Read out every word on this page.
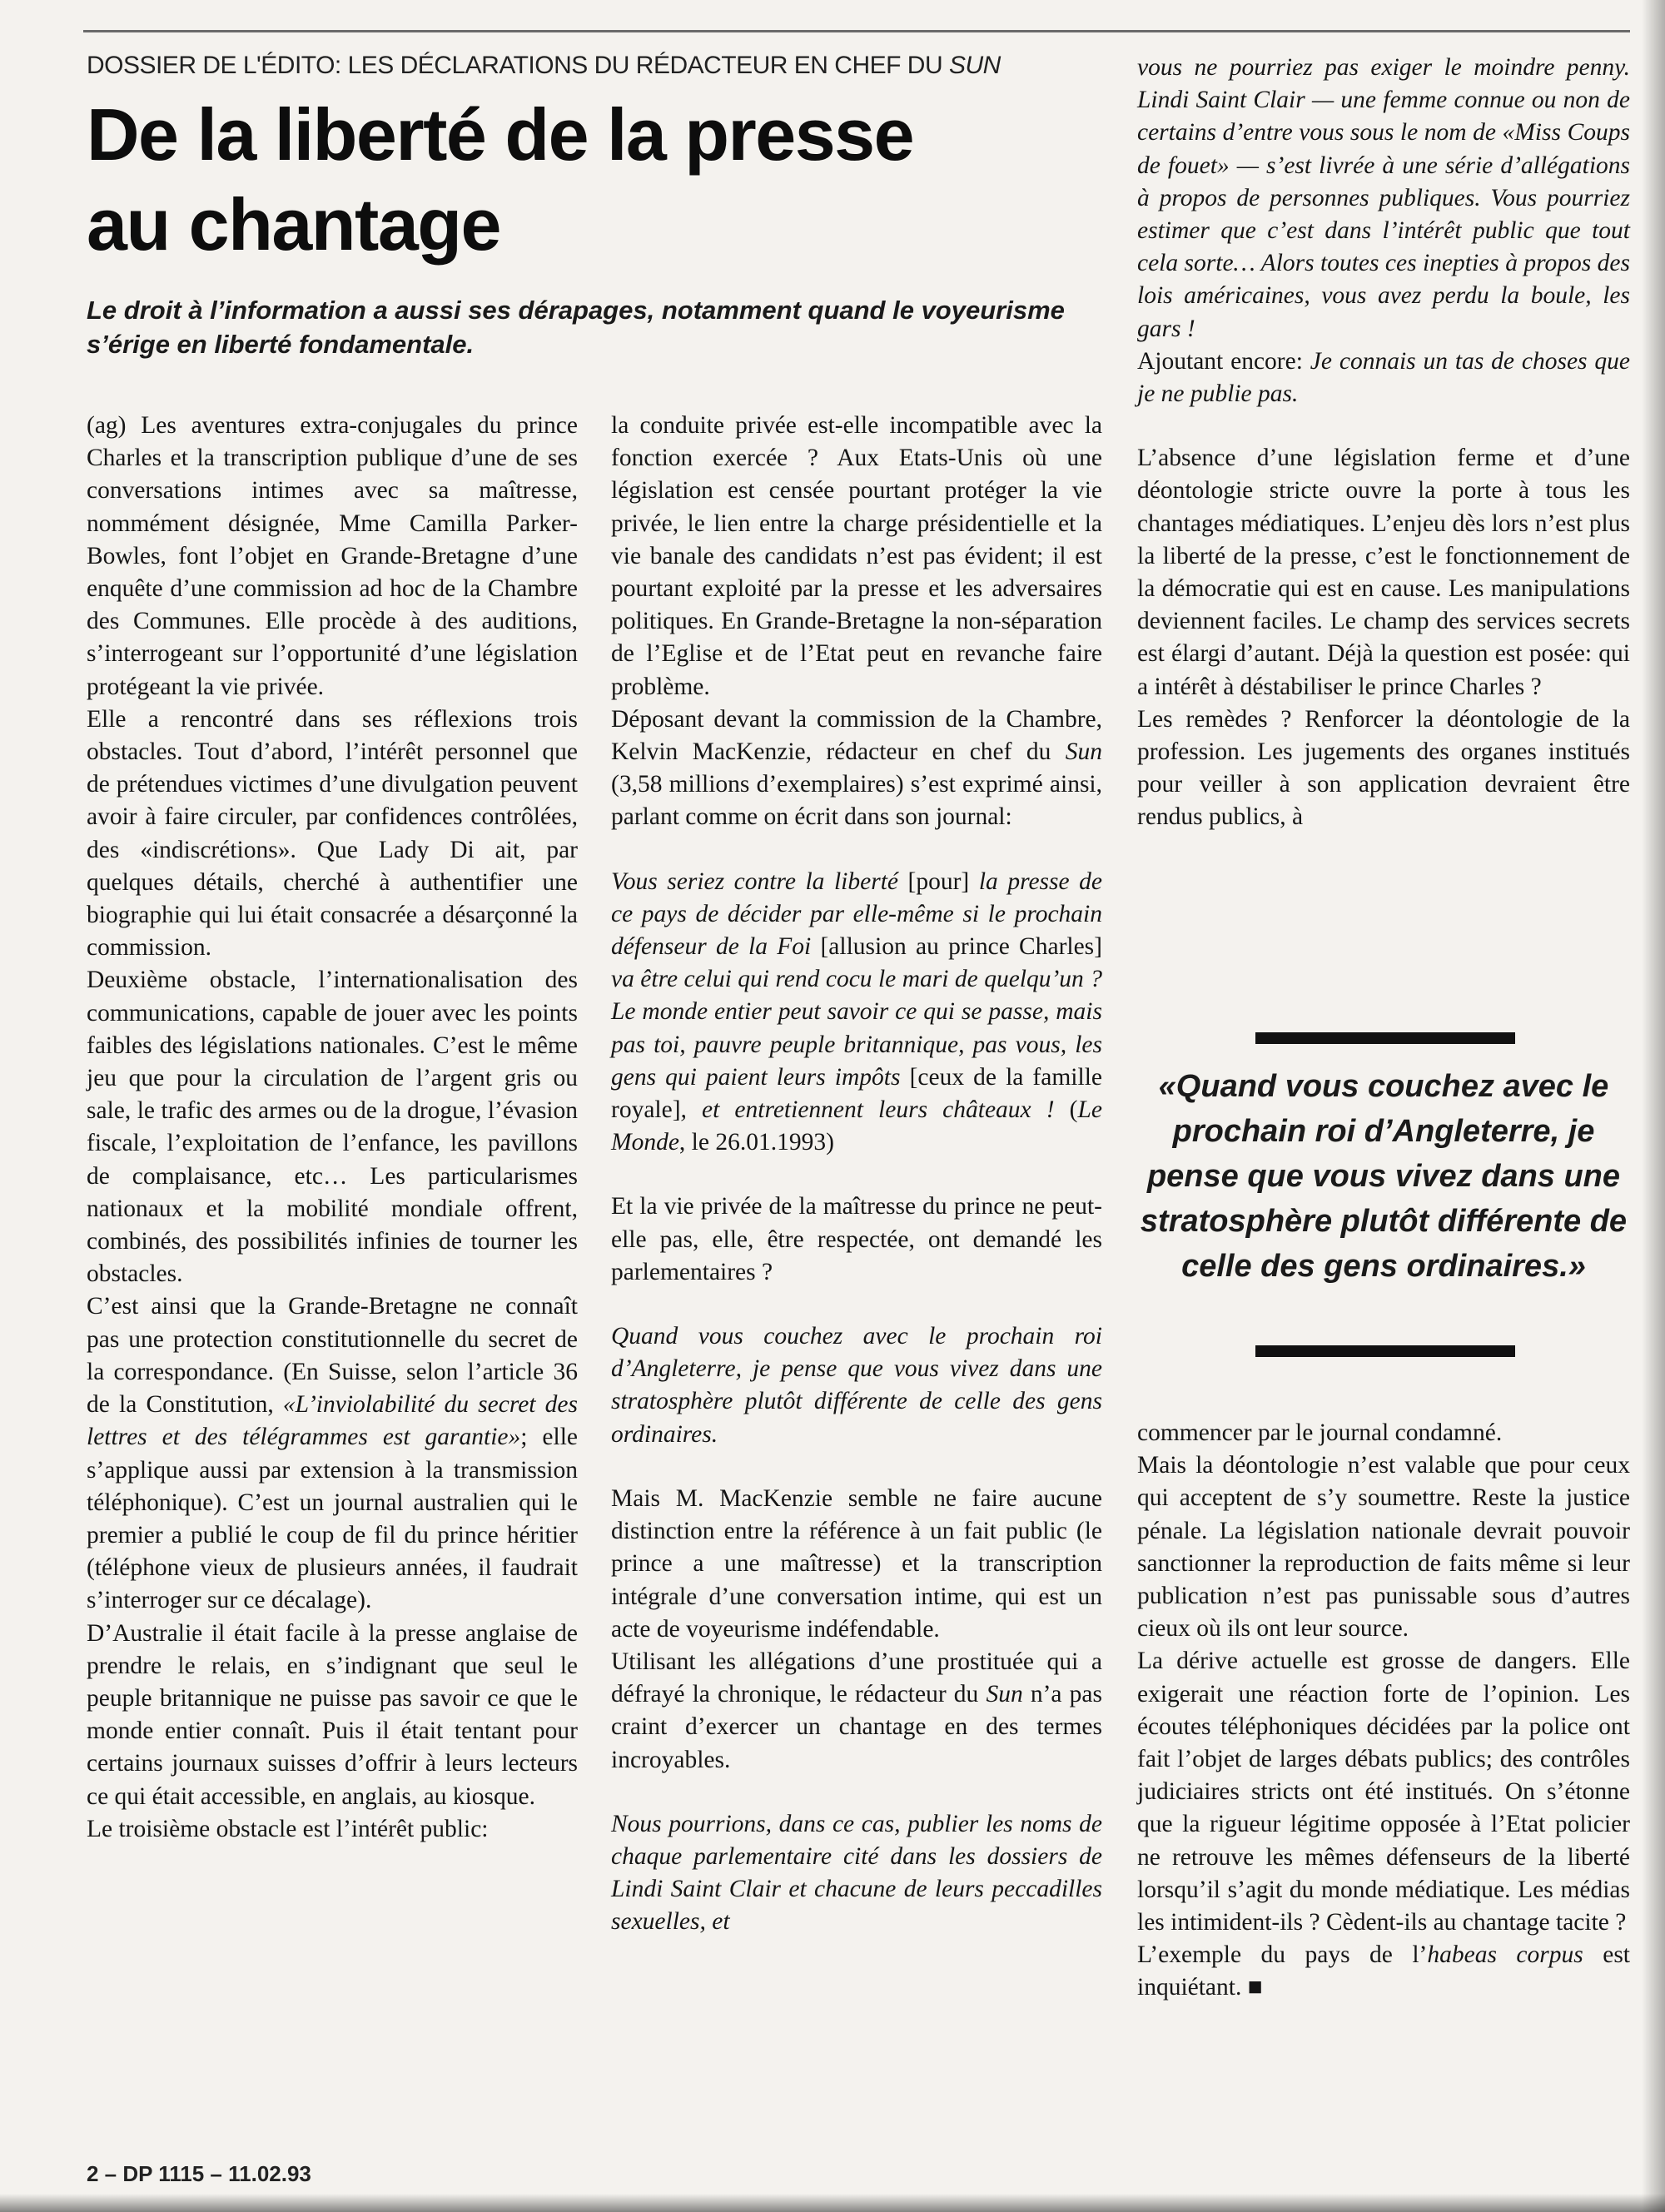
DOSSIER DE L'ÉDITO: LES DÉCLARATIONS DU RÉDACTEUR EN CHEF DU SUN
De la liberté de la presse
au chantage

Le droit à l’information a aussi ses dérapages, notamment quand le voyeurisme s’érige en liberté fondamentale.

(ag) Les aventures extra-conjugales du prince Charles et la transcription publique d’une de ses conversations intimes avec sa maîtresse, nommément désignée, Mme Camilla Parker-Bowles, font l’objet en Grande-Bretagne d’une enquête d’une commission ad hoc de la Chambre des Communes. Elle procède à des auditions, s’interrogeant sur l’opportunité d’une législation protégeant la vie privée.

Elle a rencontré dans ses réflexions trois obstacles. Tout d’abord, l’intérêt personnel que de prétendues victimes d’une divulgation peuvent avoir à faire circuler, par confidences contrôlées, des «indiscrétions». Que Lady Di ait, par quelques détails, cherché à authentifier une biographie qui lui était consacrée a désarçonné la commission.

Deuxième obstacle, l’internationalisation des communications, capable de jouer avec les points faibles des législations nationales. C’est le même jeu que pour la circulation de l’argent gris ou sale, le trafic des armes ou de la drogue, l’évasion fiscale, l’exploitation de l’enfance, les pavillons de complaisance, etc… Les particularismes nationaux et la mobilité mondiale offrent, combinés, des possibilités infinies de tourner les obstacles.

C’est ainsi que la Grande-Bretagne ne connaît pas une protection constitutionnelle du secret de la correspondance. (En Suisse, selon l’article 36 de la Constitution, «L’inviolabilité du secret des lettres et des télégrammes est garantie»; elle s’applique aussi par extension à la transmission téléphonique). C’est un journal australien qui le premier a publié le coup de fil du prince héritier (téléphone vieux de plusieurs années, il faudrait s’interroger sur ce décalage).

D’Australie il était facile à la presse anglaise de prendre le relais, en s’indignant que seul le peuple britannique ne puisse pas savoir ce que le monde entier connaît. Puis il était tentant pour certains journaux suisses d’offrir à leurs lecteurs ce qui était accessible, en anglais, au kiosque.

Le troisième obstacle est l’intérêt public:

la conduite privée est-elle incompatible avec la fonction exercée ? Aux Etats-Unis où une législation est censée pourtant protéger la vie privée, le lien entre la charge présidentielle et la vie banale des candidats n’est pas évident; il est pourtant exploité par la presse et les adversaires politiques. En Grande-Bretagne la non-séparation de l’Eglise et de l’Etat peut en revanche faire problème.

Déposant devant la commission de la Chambre, Kelvin MacKenzie, rédacteur en chef du Sun (3,58 millions d’exemplaires) s’est exprimé ainsi, parlant comme on écrit dans son journal:

Vous seriez contre la liberté [pour] la presse de ce pays de décider par elle-même si le prochain défenseur de la Foi [allusion au prince Charles] va être celui qui rend cocu le mari de quelqu’un ? Le monde entier peut savoir ce qui se passe, mais pas toi, pauvre peuple britannique, pas vous, les gens qui paient leurs impôts [ceux de la famille royale], et entretiennent leurs châteaux ! (Le Monde, le 26.01.1993)

Et la vie privée de la maîtresse du prince ne peut-elle pas, elle, être respectée, ont demandé les parlementaires ?

Quand vous couchez avec le prochain roi d’Angleterre, je pense que vous vivez dans une stratosphère plutôt différente de celle des gens ordinaires.

Mais M. MacKenzie semble ne faire aucune distinction entre la référence à un fait public (le prince a une maîtresse) et la transcription intégrale d’une conversation intime, qui est un acte de voyeurisme indéfendable.

Utilisant les allégations d’une prostituée qui a défrayé la chronique, le rédacteur du Sun n’a pas craint d’exercer un chantage en des termes incroyables.

Nous pourrions, dans ce cas, publier les noms de chaque parlementaire cité dans les dossiers de Lindi Saint Clair et chacune de leurs peccadilles sexuelles, et

vous ne pourriez pas exiger le moindre penny. Lindi Saint Clair — une femme connue ou non de certains d’entre vous sous le nom de «Miss Coups de fouet» — s’est livrée à une série d’allégations à propos de personnes publiques. Vous pourriez estimer que c’est dans l’intérêt public que tout cela sorte… Alors toutes ces inepties à propos des lois américaines, vous avez perdu la boule, les gars !

Ajoutant encore: Je connais un tas de choses que je ne publie pas.

L’absence d’une législation ferme et d’une déontologie stricte ouvre la porte à tous les chantages médiatiques. L’enjeu dès lors n’est plus la liberté de la presse, c’est le fonctionnement de la démocratie qui est en cause. Les manipulations deviennent faciles. Le champ des services secrets est élargi d’autant. Déjà la question est posée: qui a intérêt à déstabiliser le prince Charles ?

Les remèdes ? Renforcer la déontologie de la profession. Les jugements des organes institués pour veiller à son application devraient être rendus publics, à

«Quand vous couchez avec le prochain roi d’Angleterre, je pense que vous vivez dans une stratosphère plutôt différente de celle des gens ordinaires.»

commencer par le journal condamné.

Mais la déontologie n’est valable que pour ceux qui acceptent de s’y soumettre. Reste la justice pénale. La législation nationale devrait pouvoir sanctionner la reproduction de faits même si leur publication n’est pas punissable sous d’autres cieux où ils ont leur source.

La dérive actuelle est grosse de dangers. Elle exigerait une réaction forte de l’opinion. Les écoutes téléphoniques décidées par la police ont fait l’objet de larges débats publics; des contrôles judiciaires stricts ont été institués. On s’étonne que la rigueur légitime opposée à l’Etat policier ne retrouve les mêmes défenseurs de la liberté lorsqu’il s’agit du monde médiatique. Les médias les intimident-ils ? Cèdent-ils au chantage tacite ?

L’exemple du pays de l’habeas corpus est inquiétant. ■

2 – DP 1115 – 11.02.93
